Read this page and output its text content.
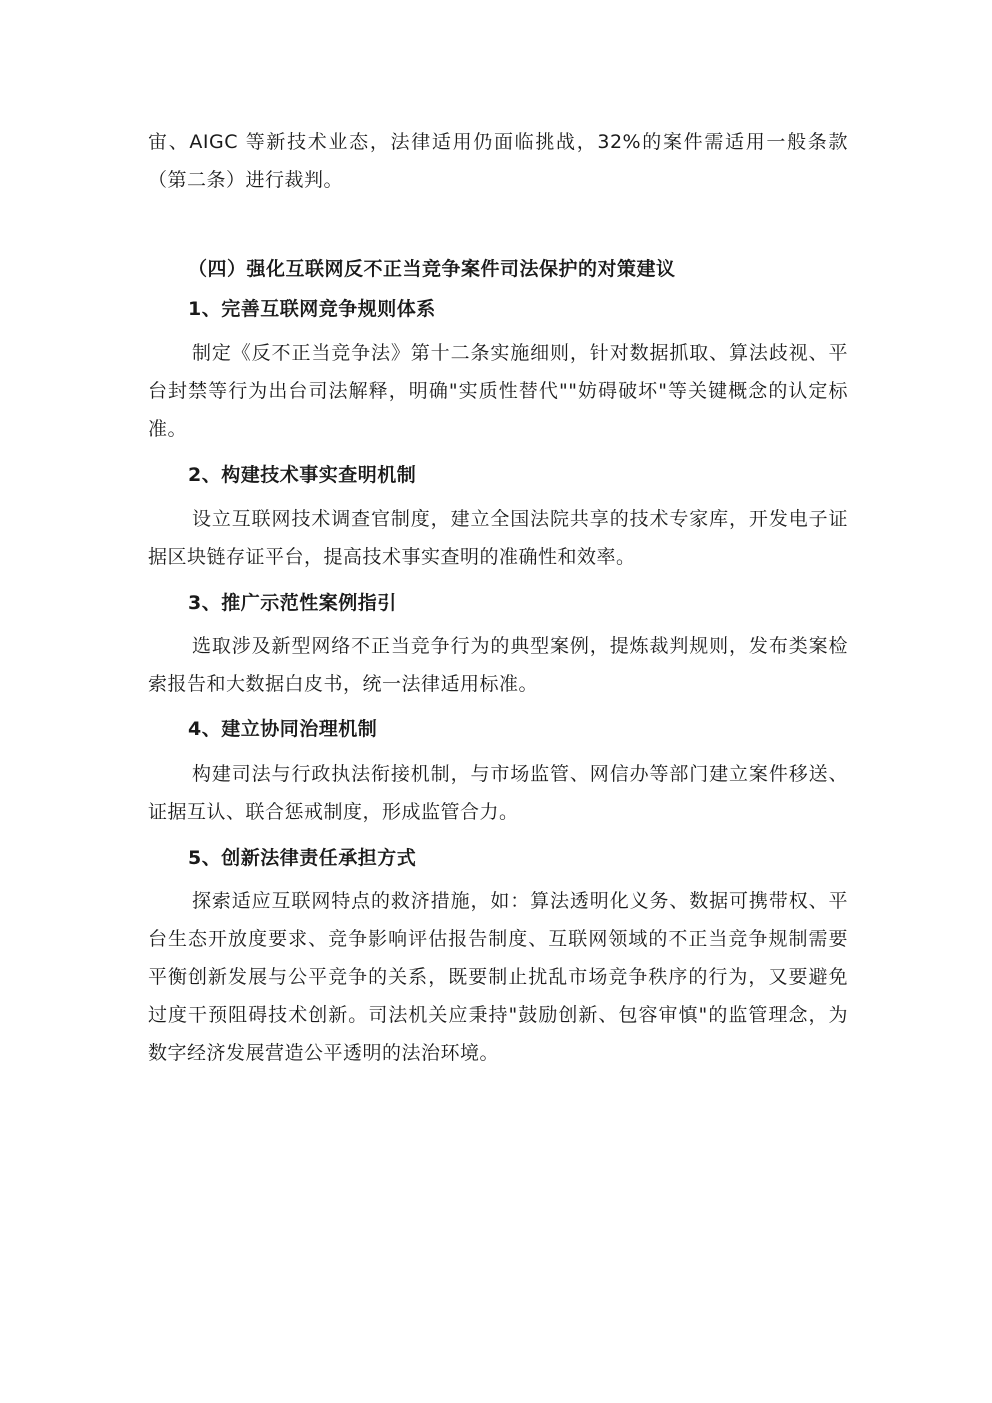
宙、AIGC 等新技术业态，法律适用仍面临挑战，32%的案件需适用一般条款（第二条）进行裁判。

（四）强化互联网反不正当竞争案件司法保护的对策建议

1、完善互联网竞争规则体系

制定《反不正当竞争法》第十二条实施细则，针对数据抓取、算法歧视、平台封禁等行为出台司法解释，明确"实质性替代""妨碍破坏"等关键概念的认定标准。

2、构建技术事实查明机制

设立互联网技术调查官制度，建立全国法院共享的技术专家库，开发电子证据区块链存证平台，提高技术事实查明的准确性和效率。

3、推广示范性案例指引

选取涉及新型网络不正当竞争行为的典型案例，提炼裁判规则，发布类案检索报告和大数据白皮书，统一法律适用标准。

4、建立协同治理机制

构建司法与行政执法衔接机制，与市场监管、网信办等部门建立案件移送、证据互认、联合惩戒制度，形成监管合力。

5、创新法律责任承担方式

探索适应互联网特点的救济措施，如：算法透明化义务、数据可携带权、平台生态开放度要求、竞争影响评估报告制度、互联网领域的不正当竞争规制需要平衡创新发展与公平竞争的关系，既要制止扰乱市场竞争秩序的行为，又要避免过度干预阻碍技术创新。司法机关应秉持"鼓励创新、包容审慎"的监管理念，为数字经济发展营造公平透明的法治环境。
